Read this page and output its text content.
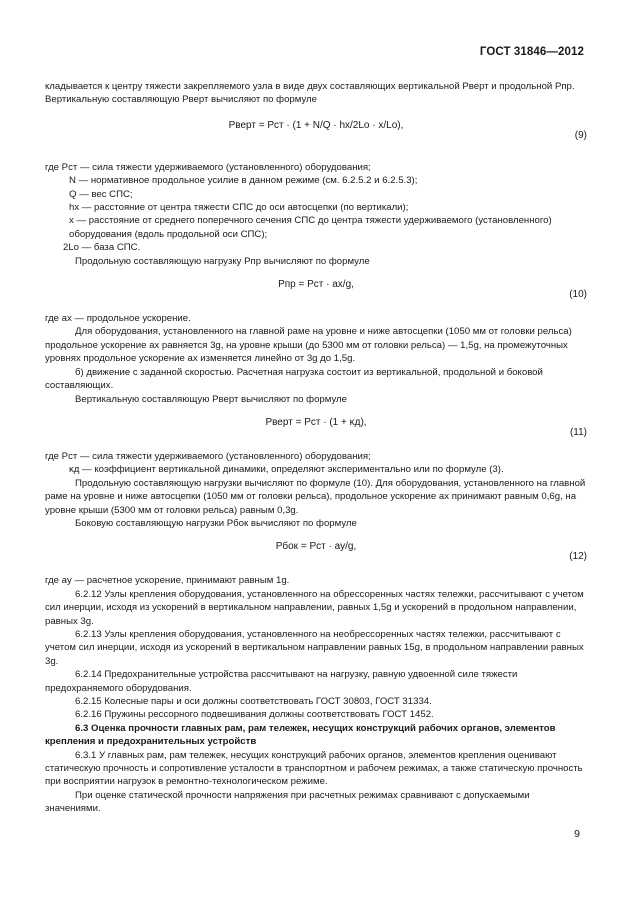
ГОСТ 31846—2012

кладывается к центру тяжести закрепляемого узла в виде двух составляющих вертикальной Pверт и продольной Pпр. Вертикальную составляющую Pверт вычисляют по формуле

Pверт = Pст · (1 + N/Q · hx/2Lо · x/Lо),
(9)

где Pст — сила тяжести удерживаемого (установленного) оборудования;

N — нормативное продольное усилие в данном режиме (см. 6.2.5.2 и 6.2.5.3);

Q — вес СПС;

hх — расстояние от центра тяжести СПС до оси автосцепки (по вертикали);

x — расстояние от среднего поперечного сечения СПС до центра тяжести удерживаемого (установленного) оборудования (вдоль продольной оси СПС);

2Lо — база СПС.

Продольную составляющую нагрузку Pпр вычисляют по формуле

Pпр = Pст · ax/g,
(10)

где ax — продольное ускорение.

Для оборудования, установленного на главной раме на уровне и ниже автосцепки (1050 мм от головки рельса) продольное ускорение ax равняется 3g, на уровне крыши (до 5300 мм от головки рельса) — 1,5g, на промежуточных уровнях продольное ускорение ax изменяется линейно от 3g до 1,5g.

б) движение с заданной скоростью. Расчетная нагрузка состоит из вертикальной, продольной и боковой составляющих.

Вертикальную составляющую Pверт вычисляют по формуле

Pверт = Pст · (1 + κд),
(11)

где Pст — сила тяжести удерживаемого (установленного) оборудования;

κд — коэффициент вертикальной динамики, определяют экспериментально или по формуле (3).

Продольную составляющую нагрузки вычисляют по формуле (10). Для оборудования, установленного на главной раме на уровне и ниже автосцепки (1050 мм от головки рельса), продольное ускорение ax принимают равным 0,6g, на уровне крыши (5300 мм от головки рельса) равным 0,3g.

Боковую составляющую нагрузки Pбок вычисляют по формуле

Pбок = Pст · ay/g,
(12)

где ay — расчетное ускорение, принимают равным 1g.

6.2.12 Узлы крепления оборудования, установленного на обрессоренных частях тележки, рассчитывают с учетом сил инерции, исходя из ускорений в вертикальном направлении, равных 1,5g и ускорений в продольном направлении, равных 3g.

6.2.13 Узлы крепления оборудования, установленного на необрессоренных частях тележки, рассчитывают с учетом сил инерции, исходя из ускорений в вертикальном направлении равных 15g, в продольном направлении равных 3g.

6.2.14 Предохранительные устройства рассчитывают на нагрузку, равную удвоенной силе тяжести предохраняемого оборудования.

6.2.15 Колесные пары и оси должны соответствовать ГОСТ 30803, ГОСТ 31334.

6.2.16 Пружины рессорного подвешивания должны соответствовать ГОСТ 1452.

6.3 Оценка прочности главных рам, рам тележек, несущих конструкций рабочих органов, элементов крепления и предохранительных устройств

6.3.1 У главных рам, рам тележек, несущих конструкций рабочих органов, элементов крепления оценивают статическую прочность и сопротивление усталости в транспортном и рабочем режимах, а также статическую прочность при восприятии нагрузок в ремонтно-технологическом режиме.

При оценке статической прочности напряжения при расчетных режимах сравнивают с допускаемыми значениями.

9
